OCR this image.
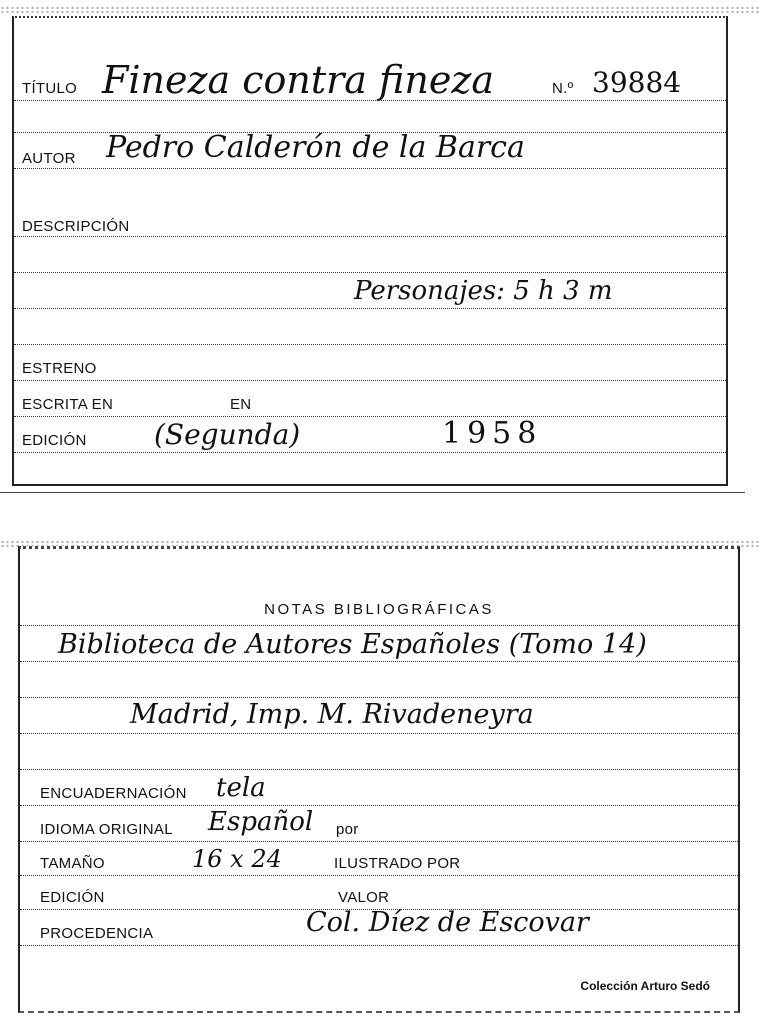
TÍTULO Fineza contra fineza	N.º 39884
AUTOR Pedro Calderón de la Barca
DESCRIPCIÓN
Personajes: 5 h 3 m
ESTRENO
ESCRITA EN	EN
EDICIÓN (Segunda)	1958
NOTAS BIBLIOGRÁFICAS
Biblioteca de Autores Españoles (Tomo 14)
Madrid, Imp. M. Rivadeneyra
ENCUADERNACIÓN tela
IDIOMA ORIGINAL Español por
TAMAÑO	16 x 24	ILUSTRADO POR
EDICIÓN	VALOR
PROCEDENCIA	Col. Díez de Escovar
Colección Arturo Sedó
